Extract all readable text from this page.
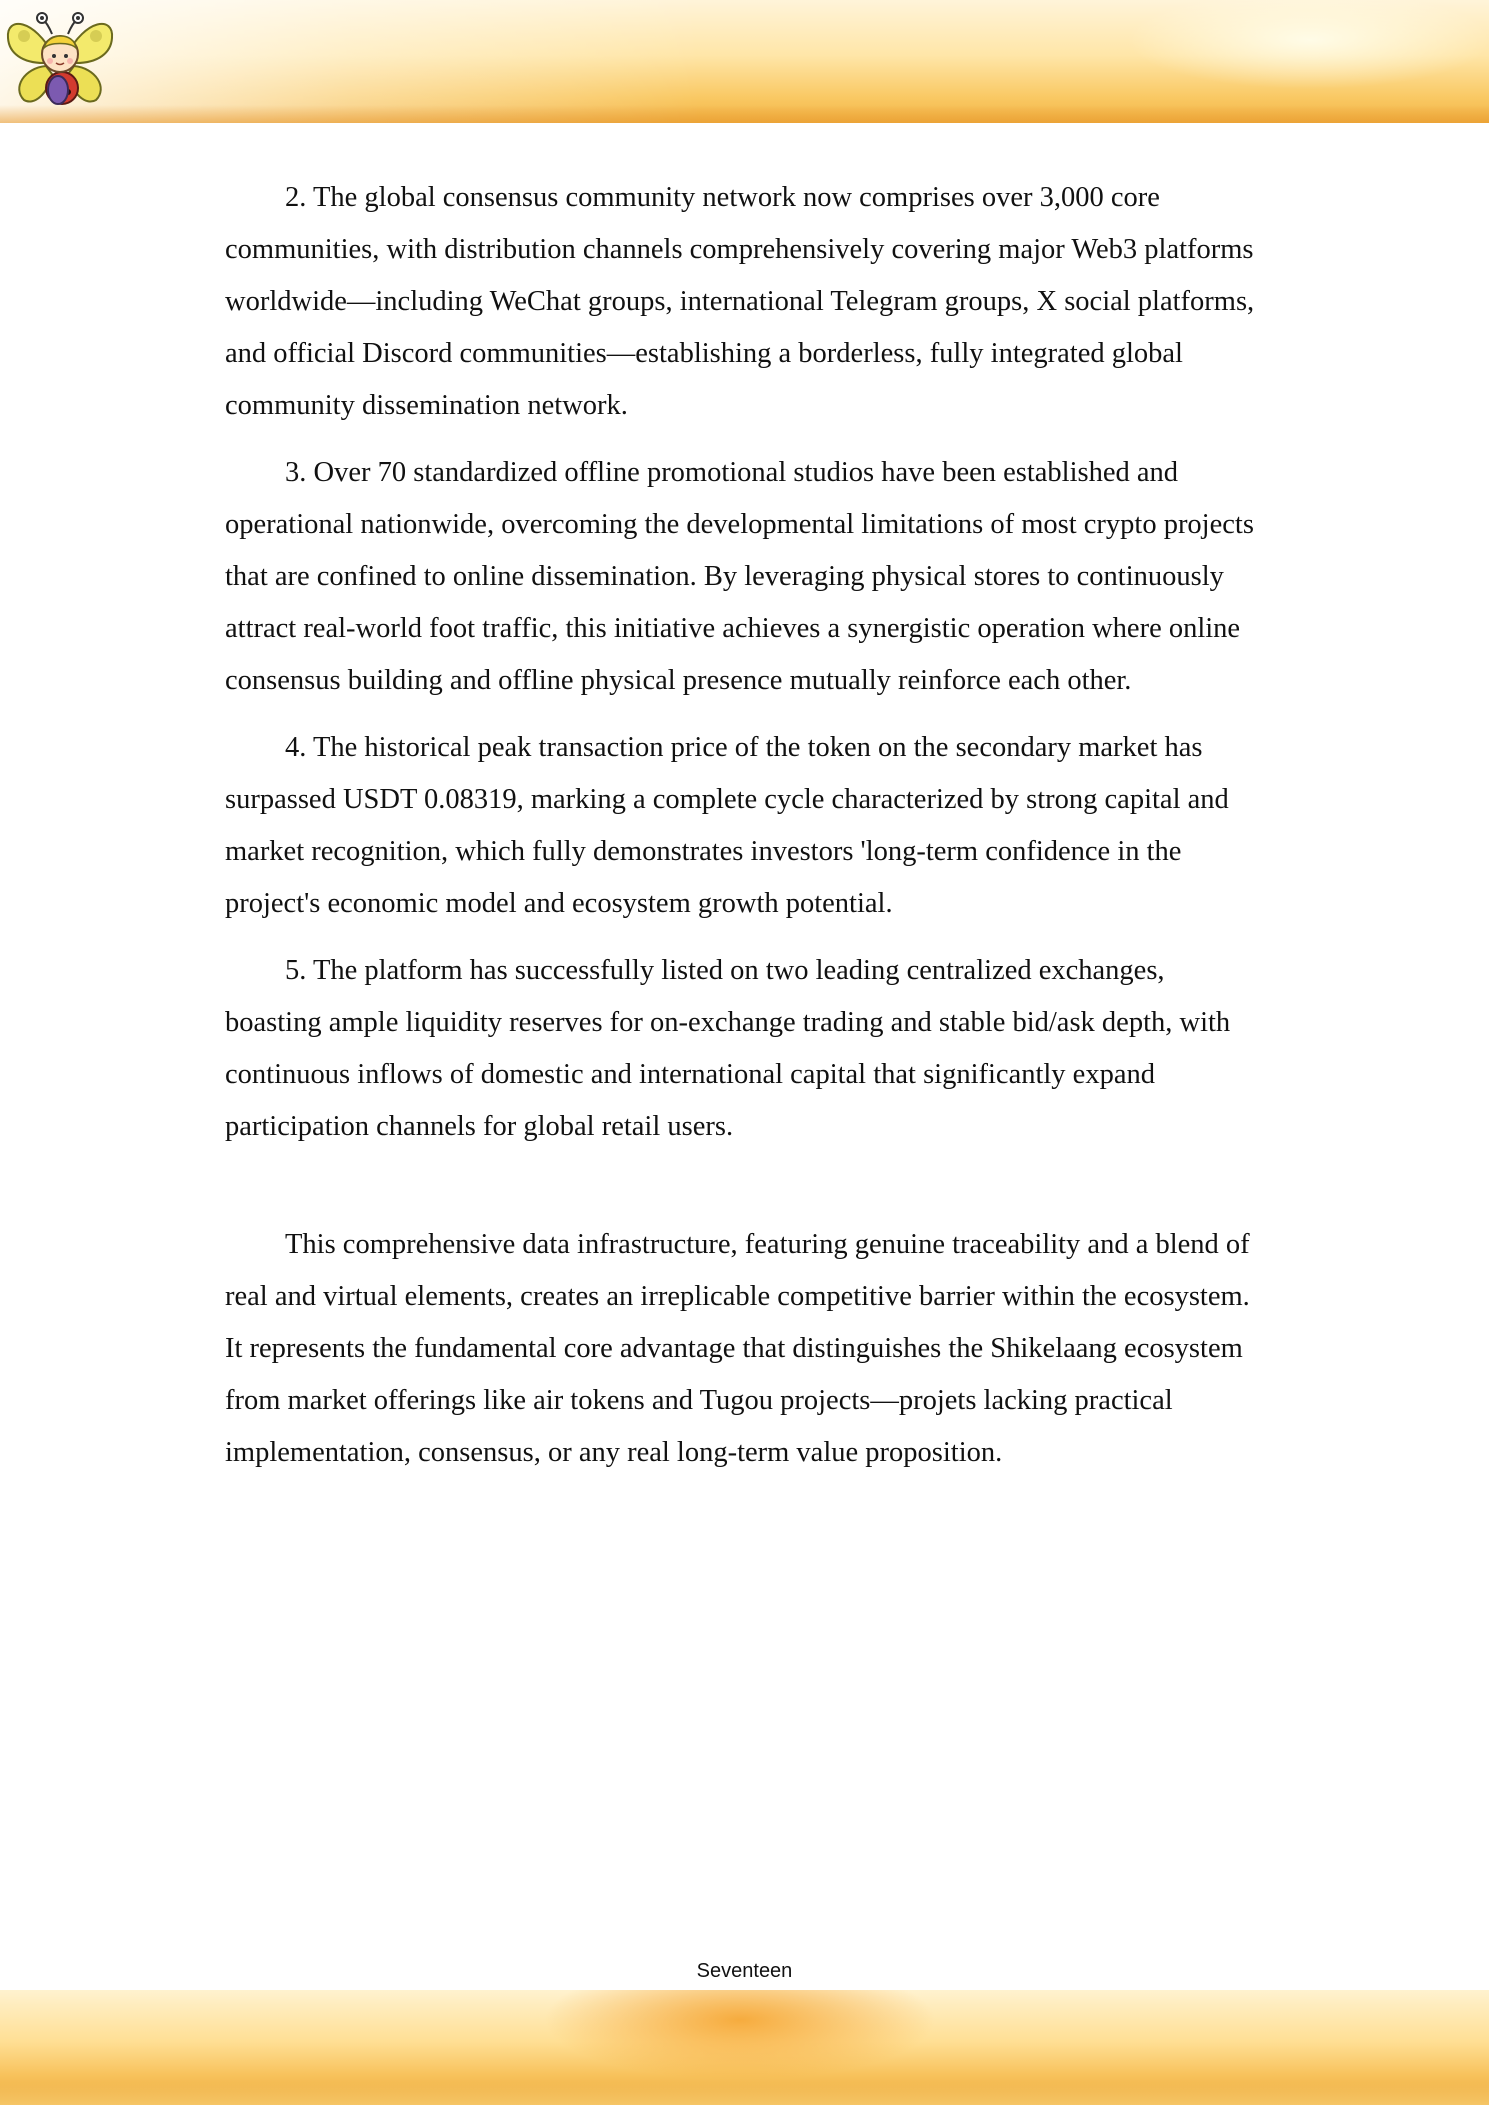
2. The global consensus community network now comprises over 3,000 core communities, with distribution channels comprehensively covering major Web3 platforms worldwide—including WeChat groups, international Telegram groups, X social platforms, and official Discord communities—establishing a borderless, fully integrated global community dissemination network.

3. Over 70 standardized offline promotional studios have been established and operational nationwide, overcoming the developmental limitations of most crypto projects that are confined to online dissemination. By leveraging physical stores to continuously attract real-world foot traffic, this initiative achieves a synergistic operation where online consensus building and offline physical presence mutually reinforce each other.

4. The historical peak transaction price of the token on the secondary market has surpassed USDT 0.08319, marking a complete cycle characterized by strong capital and market recognition, which fully demonstrates investors 'long-term confidence in the project's economic model and ecosystem growth potential.

5. The platform has successfully listed on two leading centralized exchanges, boasting ample liquidity reserves for on-exchange trading and stable bid/ask depth, with continuous inflows of domestic and international capital that significantly expand participation channels for global retail users.

This comprehensive data infrastructure, featuring genuine traceability and a blend of real and virtual elements, creates an irreplicable competitive barrier within the ecosystem. It represents the fundamental core advantage that distinguishes the Shikelaang ecosystem from market offerings like air tokens and Tugou projects—projets lacking practical implementation, consensus, or any real long-term value proposition.

Seventeen
